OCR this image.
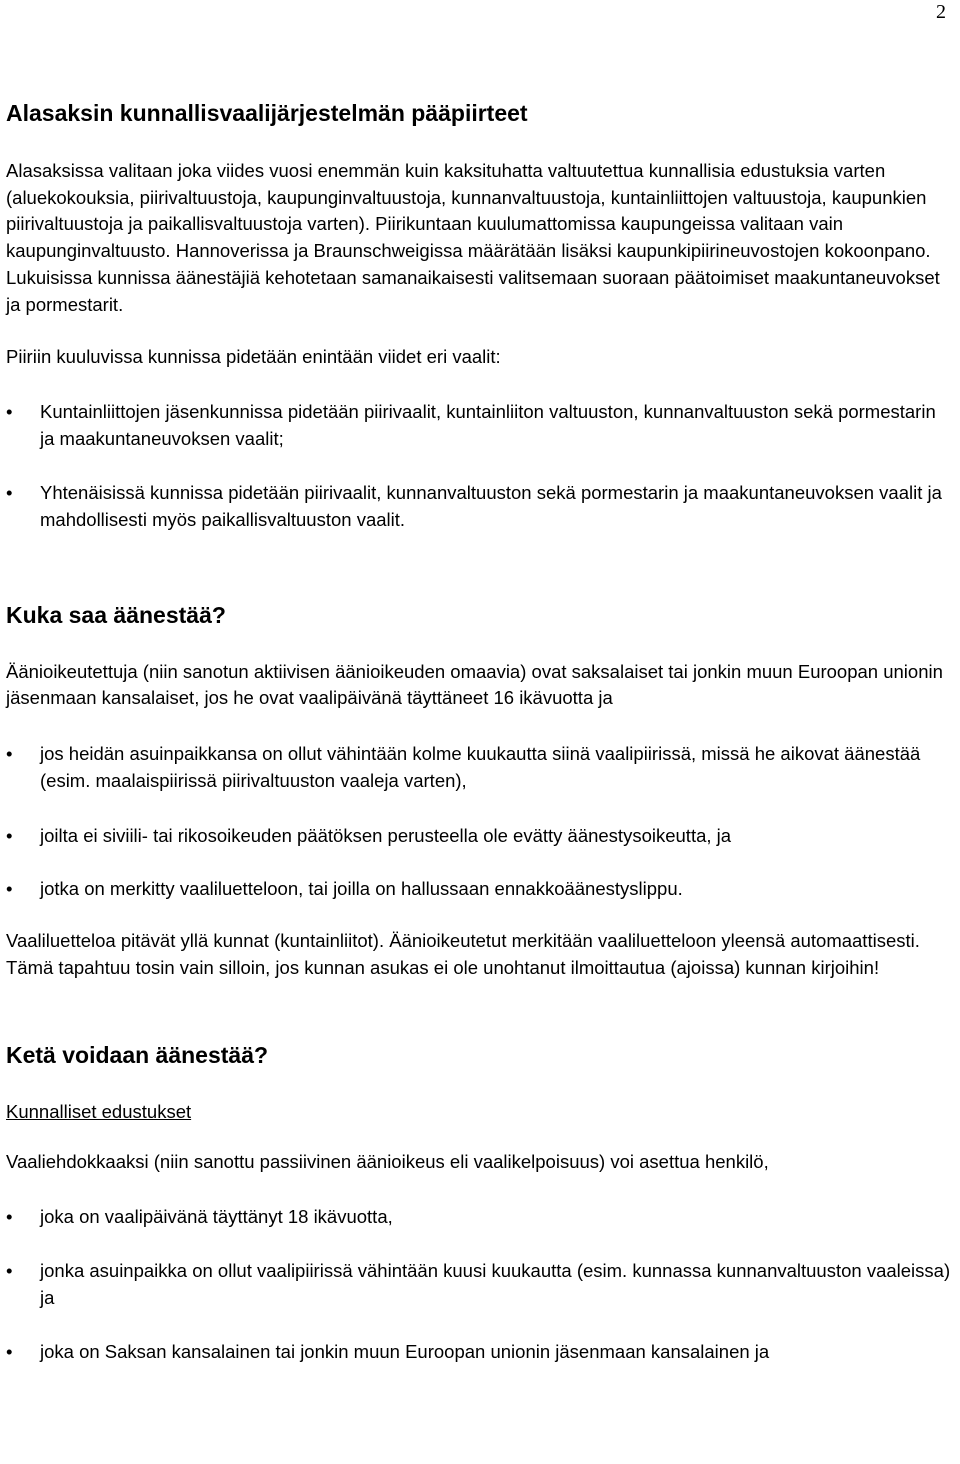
2
Alasaksin kunnallisvaalijärjestelmän pääpiirteet

Alasaksissa valitaan joka viides vuosi enemmän kuin kaksituhatta valtuutettua kunnallisia edustuksia varten (aluekokouksia, piirivaltuustoja, kaupunginvaltuustoja, kunnanvaltuustoja, kuntainliittojen valtuustoja, kaupunkien piirivaltuustoja ja paikallisvaltuustoja varten). Piirikuntaan kuulumattomissa kaupungeissa valitaan vain kaupunginvaltuusto. Hannoverissa ja Braunschweigissa määrätään lisäksi kaupunkipiirineuvostojen kokoonpano. Lukuisissa kunnissa äänestäjiä kehotetaan samanaikaisesti valitsemaan suoraan päätoimiset maakuntaneuvokset ja pormestarit.

Piiriin kuuluvissa kunnissa pidetään enintään viidet eri vaalit:

• Kuntainliittojen jäsenkunnissa pidetään piirivaalit, kuntainliiton valtuuston, kunnanvaltuuston sekä pormestarin ja maakuntaneuvoksen vaalit;
• Yhtenäisissä kunnissa pidetään piirivaalit, kunnanvaltuuston sekä pormestarin ja maakuntaneuvoksen vaalit ja mahdollisesti myös paikallisvaltuuston vaalit.
Kuka saa äänestää?

Äänioikeutettuja (niin sanotun aktiivisen äänioikeuden omaavia) ovat saksalaiset tai jonkin muun Euroopan unionin jäsenmaan kansalaiset, jos he ovat vaalipäivänä täyttäneet 16 ikävuotta ja

• jos heidän asuinpaikkansa on ollut vähintään kolme kuukautta siinä vaalipiirissä, missä he aikovat äänestää (esim. maalaispiirissä piirivaltuuston vaaleja varten),
• joilta ei siviili- tai rikosoikeuden päätöksen perusteella ole evätty äänestysoikeutta, ja
• jotka on merkitty vaaliluetteloon, tai joilla on hallussaan ennakkoäänestyslippu.

Vaaliluetteloa pitävät yllä kunnat (kuntainliitot). Äänioikeutetut merkitään vaaliluetteloon yleensä automaattisesti. Tämä tapahtuu tosin vain silloin, jos kunnan asukas ei ole unohtanut ilmoittautua (ajoissa) kunnan kirjoihin!

Ketä voidaan äänestää?

Kunnalliset edustukset

Vaaliehdokkaaksi (niin sanottu passiivinen äänioikeus eli vaalikelpoisuus) voi asettua henkilö,

• joka on vaalipäivänä täyttänyt 18 ikävuotta,
• jonka asuinpaikka on ollut vaalipiirissä vähintään kuusi kuukautta (esim. kunnassa kunnanvaltuuston vaaleissa) ja
• joka on Saksan kansalainen tai jonkin muun Euroopan unionin jäsenmaan kansalainen ja
